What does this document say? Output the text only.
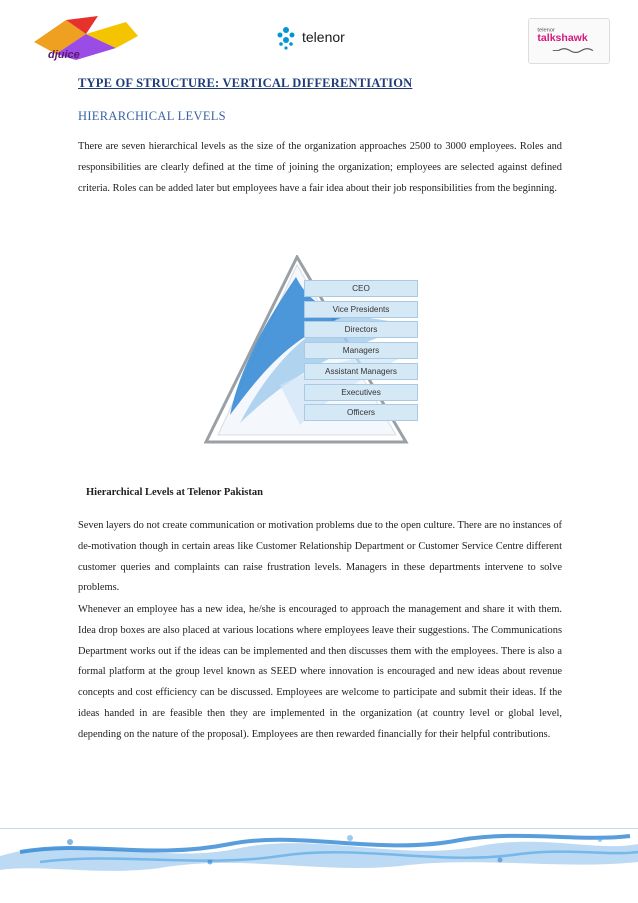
djuice
telenor	telenor
talkshawk
TYPE OF STRUCTURE: VERTICAL DIFFERENTIATION
HIERARCHICAL LEVELS

There are seven hierarchical levels as the size of the organization approaches 2500 to 3000 employees. Roles and responsibilities are clearly defined at the time of joining the organization; employees are selected against defined criteria. Roles can be added later but employees have a fair idea about their job responsibilities from the beginning.

CEO
Vice Presidents
Directors
Managers
Assistant Managers
Executives
Officers
Hierarchical Levels at Telenor Pakistan

Seven layers do not create communication or motivation problems due to the open culture. There are no instances of de-motivation though in certain areas like Customer Relationship Department or Customer Service Centre different customer queries and complaints can raise frustration levels. Managers in these departments intervene to solve problems.

Whenever an employee has a new idea, he/she is encouraged to approach the management and share it with them. Idea drop boxes are also placed at various locations where employees leave their suggestions. The Communications Department works out if the ideas can be implemented and then discusses them with the employees. There is also a formal platform at the group level known as SEED where innovation is encouraged and new ideas about revenue concepts and cost efficiency can be discussed. Employees are welcome to participate and submit their ideas. If the ideas handed in are feasible then they are implemented in the organization (at country level or global level, depending on the nature of the proposal). Employees are then rewarded financially for their helpful contributions.
